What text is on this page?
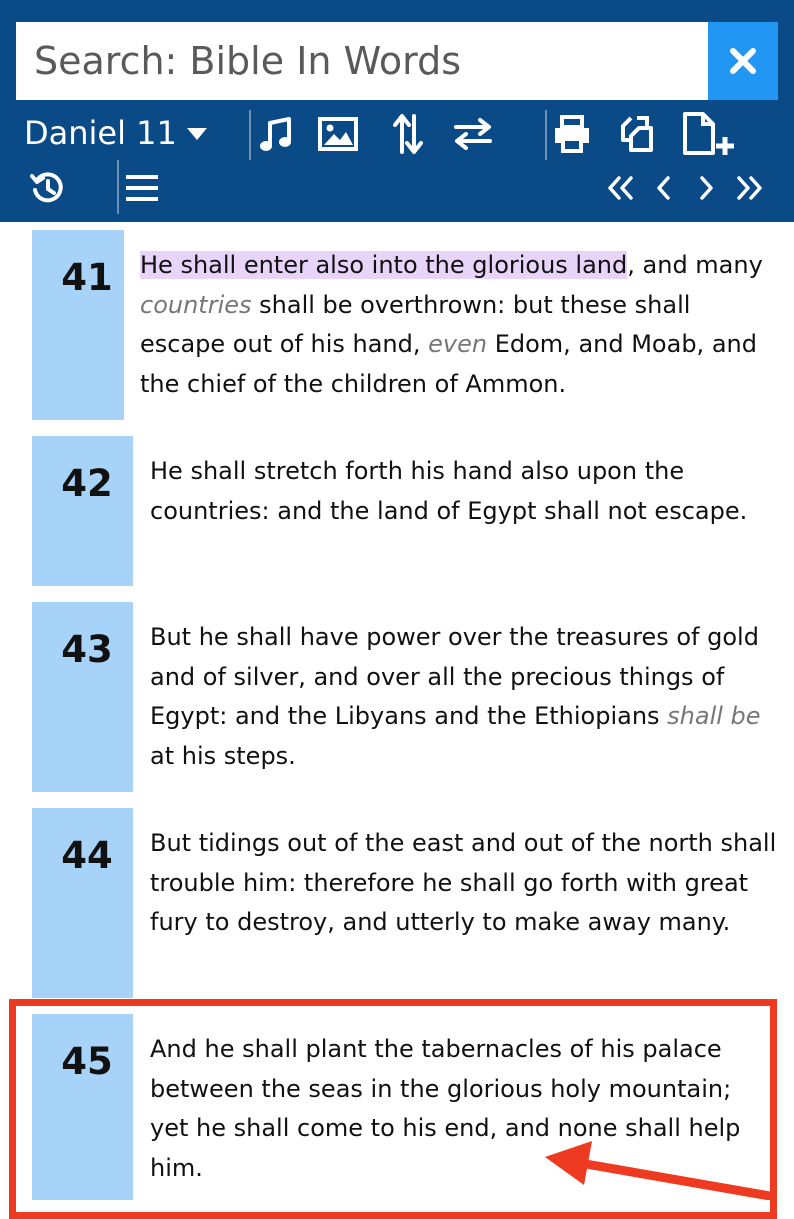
Search: Bible In Words
Daniel 11
41	He shall enter also into the glorious land, and many countries shall be overthrown: but these shall escape out of his hand, even Edom, and Moab, and the chief of the children of Ammon.
42	He shall stretch forth his hand also upon the countries: and the land of Egypt shall not escape.
43	But he shall have power over the treasures of gold and of silver, and over all the precious things of Egypt: and the Libyans and the Ethiopians shall be at his steps.
44	But tidings out of the east and out of the north shall trouble him: therefore he shall go forth with great fury to destroy, and utterly to make away many.
45	And he shall plant the tabernacles of his palace between the seas in the glorious holy mountain; yet he shall come to his end, and none shall help him.
